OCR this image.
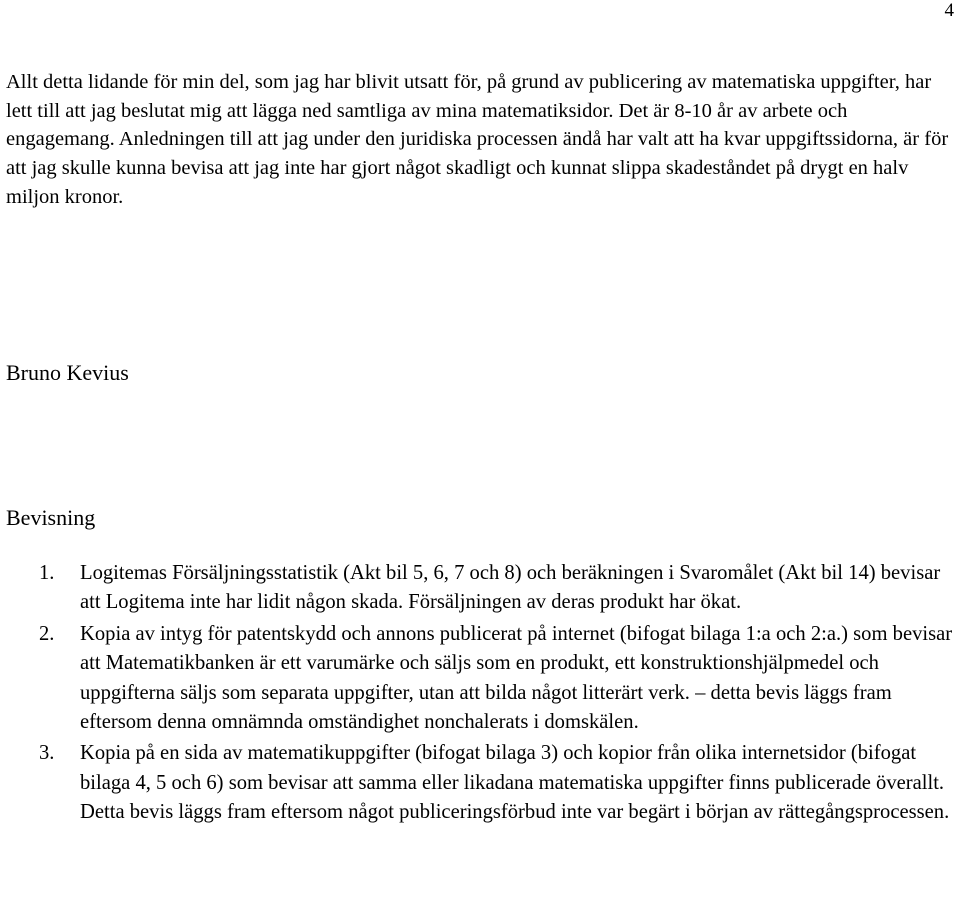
4

Allt detta lidande för min del, som jag har blivit utsatt för, på grund av publicering av matematiska uppgifter, har lett till att jag beslutat mig att lägga ned samtliga av mina matematiksidor. Det är 8-10 år av arbete och engagemang. Anledningen till att jag under den juridiska processen ändå har valt att ha kvar uppgiftssidorna, är för att jag skulle kunna bevisa att jag inte har gjort något skadligt och kunnat slippa skadeståndet på drygt en halv miljon kronor.

Bruno Kevius
Bevisning
1. Logitemas Försäljningsstatistik (Akt bil 5, 6, 7 och 8) och beräkningen i Svaromålet (Akt bil 14) bevisar att Logitema inte har lidit någon skada. Försäljningen av deras produkt har ökat.
2. Kopia av intyg för patentskydd och annons publicerat på internet (bifogat bilaga 1:a och 2:a.) som bevisar att Matematikbanken är ett varumärke och säljs som en produkt, ett konstruktionshjälpmedel och uppgifterna säljs som separata uppgifter, utan att bilda något litterärt verk. – detta bevis läggs fram eftersom denna omnämnda omständighet nonchalerats i domskälen.
3. Kopia på en sida av matematikuppgifter (bifogat bilaga 3) och kopior från olika internetsidor (bifogat bilaga 4, 5 och 6) som bevisar att samma eller likadana matematiska uppgifter finns publicerade överallt. Detta bevis läggs fram eftersom något publiceringsförbud inte var begärt i början av rättegångsprocessen.
